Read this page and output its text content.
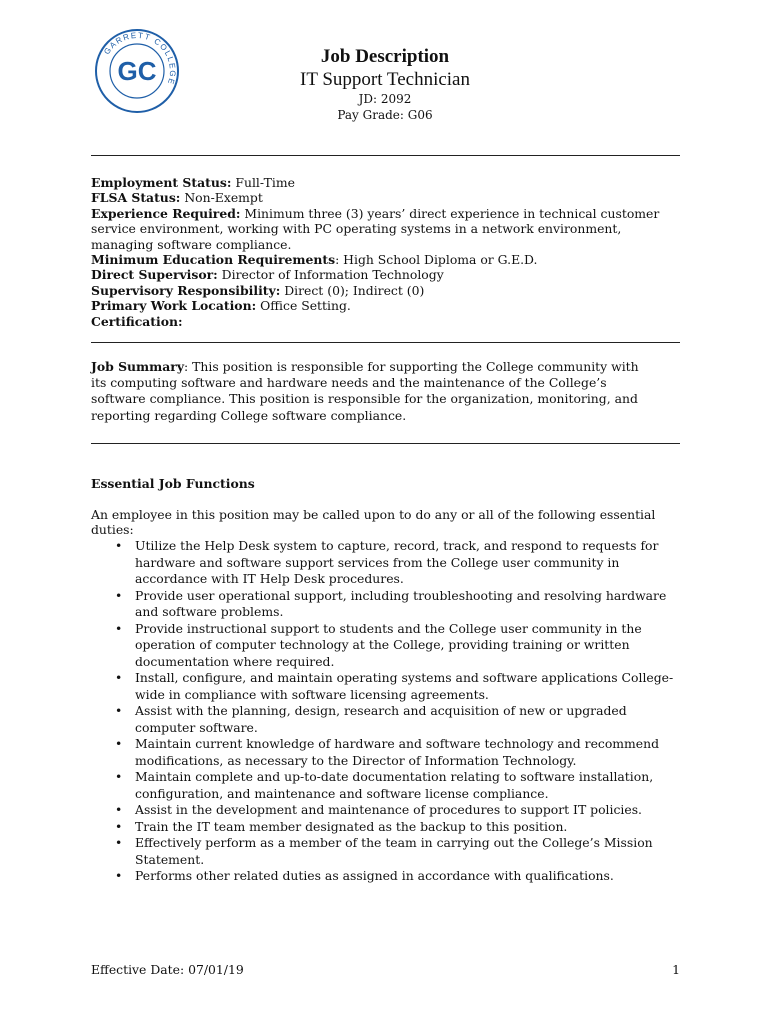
GARRETT COLLEGE
GC	Job Description
IT Support Technician
JD: 2092
Pay Grade: G06

Employment Status: Full-Time

FLSA Status: Non-Exempt

Experience Required: Minimum three (3) years’ direct experience in technical customer service environment, working with PC operating systems in a network environment, managing software compliance.

Minimum Education Requirements: High School Diploma or G.E.D.

Direct Supervisor: Director of Information Technology

Supervisory Responsibility: Direct (0); Indirect (0)

Primary Work Location: Office Setting.

Certification:

Job Summary: This position is responsible for supporting the College community with its computing software and hardware needs and the maintenance of the College’s software compliance. This position is responsible for the organization, monitoring, and reporting regarding College software compliance.

Essential Job Functions
An employee in this position may be called upon to do any or all of the following essential duties:
• Utilize the Help Desk system to capture, record, track, and respond to requests for hardware and software support services from the College user community in accordance with IT Help Desk procedures.
• Provide user operational support, including troubleshooting and resolving hardware and software problems.
• Provide instructional support to students and the College user community in the operation of computer technology at the College, providing training or written documentation where required.
• Install, configure, and maintain operating systems and software applications College-wide in compliance with software licensing agreements.
• Assist with the planning, design, research and acquisition of new or upgraded computer software.
• Maintain current knowledge of hardware and software technology and recommend modifications, as necessary to the Director of Information Technology.
• Maintain complete and up-to-date documentation relating to software installation, configuration, and maintenance and software license compliance.
• Assist in the development and maintenance of procedures to support IT policies.
• Train the IT team member designated as the backup to this position.
• Effectively perform as a member of the team in carrying out the College’s Mission Statement.
• Performs other related duties as assigned in accordance with qualifications.
Effective Date: 07/01/19	1
